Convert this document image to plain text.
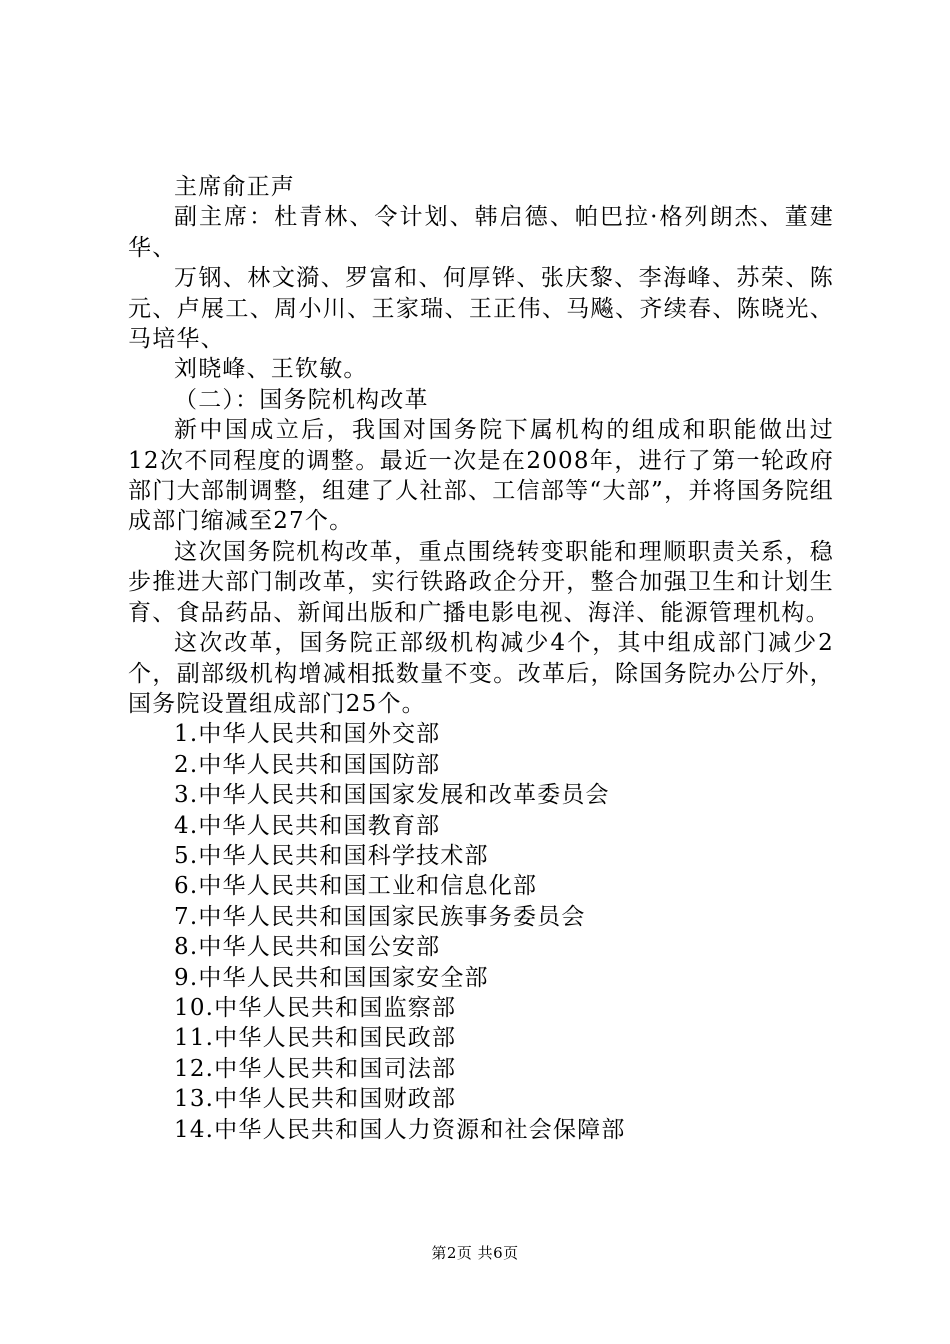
主席俞正声

副主席：杜青林、令计划、韩启德、帕巴拉·格列朗杰、董建华、

万钢、林文漪、罗富和、何厚铧、张庆黎、李海峰、苏荣、陈元、卢展工、周小川、王家瑞、王正伟、马飚、齐续春、陈晓光、马培华、

刘晓峰、王钦敏。

（二）：国务院机构改革

新中国成立后，我国对国务院下属机构的组成和职能做出过12次不同程度的调整。最近一次是在2008年，进行了第一轮政府部门大部制调整，组建了人社部、工信部等“大部”，并将国务院组成部门缩减至27个。

这次国务院机构改革，重点围绕转变职能和理顺职责关系，稳步推进大部门制改革，实行铁路政企分开，整合加强卫生和计划生育、食品药品、新闻出版和广播电影电视、海洋、能源管理机构。

这次改革，国务院正部级机构减少4个，其中组成部门减少2个，副部级机构增减相抵数量不变。改革后，除国务院办公厅外，国务院设置组成部门25个。

1.中华人民共和国外交部
2.中华人民共和国国防部
3.中华人民共和国国家发展和改革委员会
4.中华人民共和国教育部
5.中华人民共和国科学技术部
6.中华人民共和国工业和信息化部
7.中华人民共和国国家民族事务委员会
8.中华人民共和国公安部
9.中华人民共和国国家安全部
10.中华人民共和国监察部
11.中华人民共和国民政部
12.中华人民共和国司法部
13.中华人民共和国财政部
14.中华人民共和国人力资源和社会保障部
第2页 共6页
